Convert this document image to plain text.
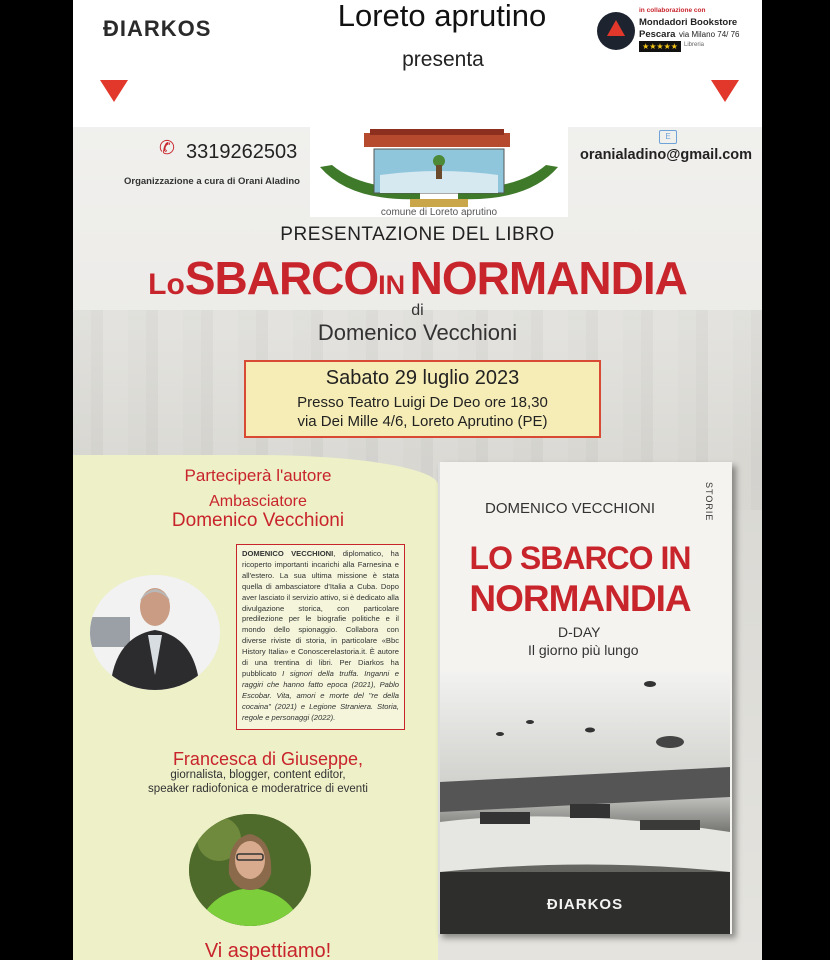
ÐIARKOS	Loreto aprutino
presenta
in collaborazione con
Mondadori Bookstore
Pescara via Milano 74/ 76
★★★★★	Libreria
✆ 3319262503
Organizzazione a cura di Orani Aladino
E
oranialadino@gmail.com
comune di Loreto aprutino
PRESENTAZIONE DEL LIBRO
LoSBARCOIN NORMANDIA
di
Domenico Vecchioni
Sabato 29 luglio 2023
Presso Teatro Luigi De Deo ore 18,30
via Dei Mille 4/6, Loreto Aprutino (PE)
Parteciperà l'autore
Ambasciatore
Domenico Vecchioni
DOMENICO VECCHIONI, diplomatico, ha ricoperto importanti incarichi alla Farnesina e all'estero. La sua ultima missione è stata quella di ambasciatore d'Italia a Cuba. Dopo aver lasciato il servizio attivo, si è dedicato alla divulgazione storica, con particolare predilezione per le biografie politiche e il mondo dello spionaggio. Collabora con diverse riviste di storia, in particolare «Bbc History Italia» e Conoscerelastoria.it. È autore di una trentina di libri. Per Diarkos ha pubblicato I signori della truffa. Inganni e raggiri che hanno fatto epoca (2021), Pablo Escobar. Vita, amori e morte del "re della cocaina" (2021) e Legione Straniera. Storia, regole e personaggi (2022).
Francesca di Giuseppe,
giornalista, blogger, content editor,
speaker radiofonica e moderatrice di eventi
Vi aspettiamo!
STORIE
DOMENICO VECCHIONI
LO SBARCO IN
NORMANDIA
D-DAY
Il giorno più lungo
ÐIARKOS
